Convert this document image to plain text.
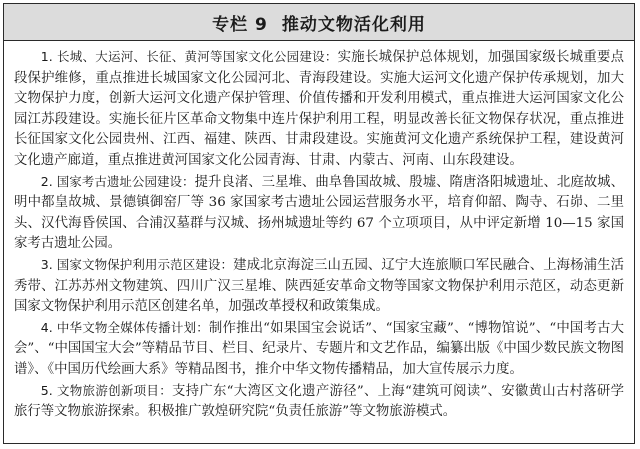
专栏 9 推动文物活化利用

1. 长城、大运河、长征、黄河等国家文化公园建设：实施长城保护总体规划，加强国家级长城重要点段保护维修，重点推进长城国家文化公园河北、青海段建设。实施大运河文化遗产保护传承规划，加大文物保护力度，创新大运河文化遗产保护管理、价值传播和开发利用模式，重点推进大运河国家文化公园江苏段建设。实施长征片区革命文物集中连片保护利用工程，明显改善长征文物保存状况，重点推进长征国家文化公园贵州、江西、福建、陕西、甘肃段建设。实施黄河文化遗产系统保护工程，建设黄河文化遗产廊道，重点推进黄河国家文化公园青海、甘肃、内蒙古、河南、山东段建设。

2. 国家考古遗址公园建设：提升良渚、三星堆、曲阜鲁国故城、殷墟、隋唐洛阳城遗址、北庭故城、明中都皇故城、景德镇御窑厂等 36 家国家考古遗址公园运营服务水平，培育仰韶、陶寺、石峁、二里头、汉代海昏侯国、合浦汉墓群与汉城、扬州城遗址等约 67 个立项项目，从中评定新增 10—15 家国家考古遗址公园。

3. 国家文物保护利用示范区建设：建成北京海淀三山五园、辽宁大连旅顺口军民融合、上海杨浦生活秀带、江苏苏州文物建筑、四川广汉三星堆、陕西延安革命文物等国家文物保护利用示范区，动态更新国家文物保护利用示范区创建名单，加强改革授权和政策集成。

4. 中华文物全媒体传播计划：制作推出“如果国宝会说话”、“国家宝藏”、“博物馆说”、“中国考古大会”、“中国国宝大会”等精品节目、栏目、纪录片、专题片和文艺作品，编纂出版《中国少数民族文物图谱》、《中国历代绘画大系》等精品图书，推介中华文物传播精品，加大宣传展示力度。

5. 文物旅游创新项目：支持广东“大湾区文化遗产游径”、上海“建筑可阅读”、安徽黄山古村落研学旅行等文物旅游探索。积极推广敦煌研究院“负责任旅游”等文物旅游模式。
